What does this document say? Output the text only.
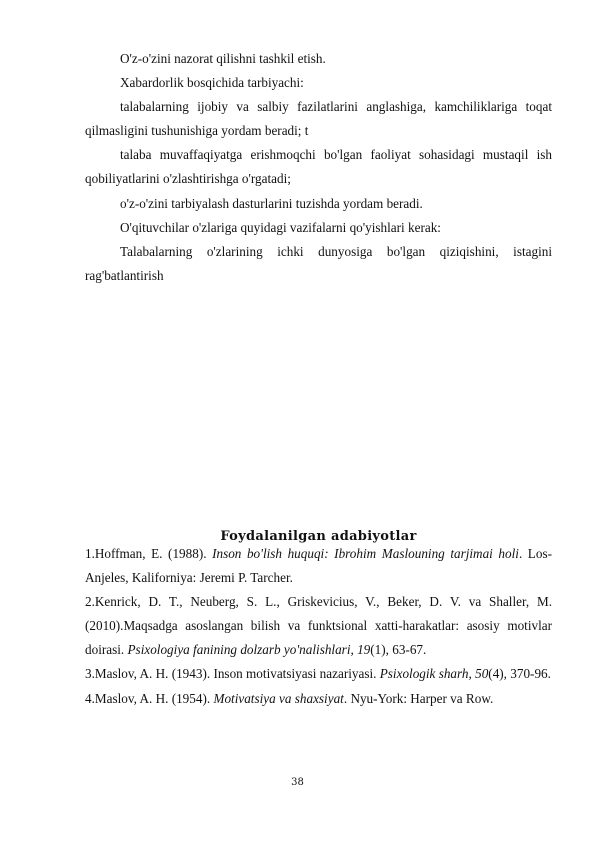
O'z-o'zini nazorat qilishni tashkil etish.

Xabardorlik bosqichida tarbiyachi:

talabalarning ijobiy va salbiy fazilatlarini anglashiga, kamchiliklariga toqat qilmasligini tushunishiga yordam beradi; t

talaba muvaffaqiyatga erishmoqchi bo'lgan faoliyat sohasidagi mustaqil ish qobiliyatlarini o'zlashtirishga o'rgatadi;

o'z-o'zini tarbiyalash dasturlarini tuzishda yordam beradi.

O'qituvchilar o'zlariga quyidagi vazifalarni qo'yishlari kerak:

Talabalarning o'zlarining ichki dunyosiga bo'lgan qiziqishini, istagini rag'batlantirish

Foydalanilgan adabiyotlar

1.Hoffman, E. (1988). Inson bo'lish huquqi: Ibrohim Maslouning tarjimai holi. Los-Anjeles, Kaliforniya: Jeremi P. Tarcher.

2.Kenrick, D. T., Neuberg, S. L., Griskevicius, V., Beker, D. V. va Shaller, M. (2010).Maqsadga asoslangan bilish va funktsional xatti-harakatlar: asosiy motivlar doirasi. Psixologiya fanining dolzarb yo'nalishlari, 19(1), 63-67.

3.Maslov, A. H. (1943). Inson motivatsiyasi nazariyasi. Psixologik sharh, 50(4), 370-96.

4.Maslov, A. H. (1954). Motivatsiya va shaxsiyat. Nyu-York: Harper va Row.

38
